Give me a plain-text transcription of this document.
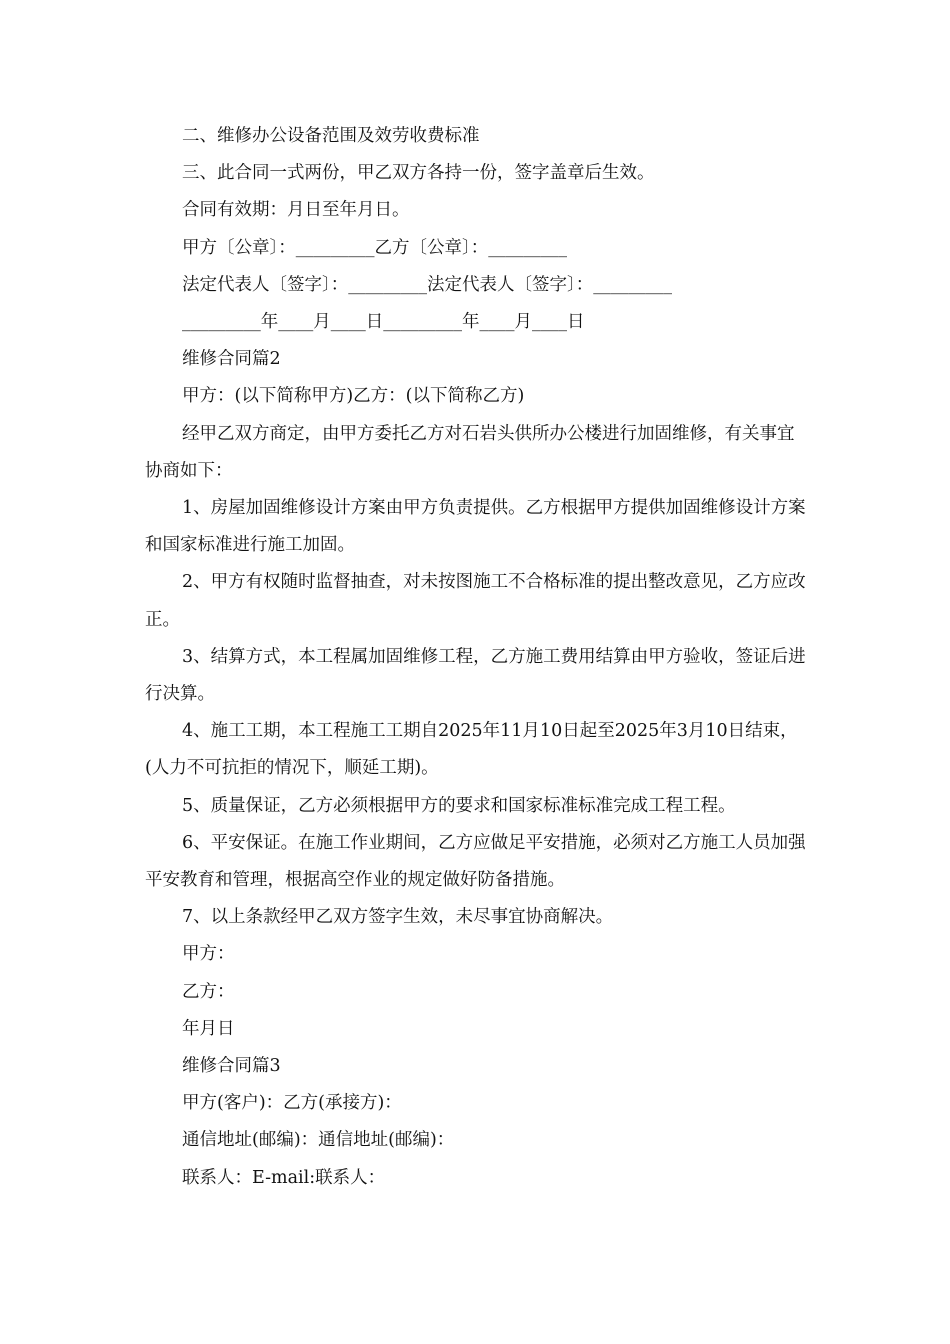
二、维修办公设备范围及效劳收费标准

三、此合同一式两份，甲乙双方各持一份，签字盖章后生效。

合同有效期：月日至年月日。

甲方〔公章〕：_________乙方〔公章〕：_________

法定代表人〔签字〕：_________法定代表人〔签字〕：_________

_________年____月____日_________年____月____日

维修合同篇2

甲方：(以下简称甲方)乙方：(以下简称乙方)

经甲乙双方商定，由甲方委托乙方对石岩头供所办公楼进行加固维修，有关事宜协商如下：

1、房屋加固维修设计方案由甲方负责提供。乙方根据甲方提供加固维修设计方案和国家标准进行施工加固。

2、甲方有权随时监督抽查，对未按图施工不合格标准的提出整改意见，乙方应改正。

3、结算方式，本工程属加固维修工程，乙方施工费用结算由甲方验收，签证后进行决算。

4、施工工期，本工程施工工期自2025年11月10日起至2025年3月10日结束，(人力不可抗拒的情况下，顺延工期)。

5、质量保证，乙方必须根据甲方的要求和国家标准标准完成工程工程。

6、平安保证。在施工作业期间，乙方应做足平安措施，必须对乙方施工人员加强平安教育和管理，根据高空作业的规定做好防备措施。

7、以上条款经甲乙双方签字生效，未尽事宜协商解决。

甲方：

乙方：

年月日

维修合同篇3

甲方(客户)：乙方(承接方)：

通信地址(邮编)：通信地址(邮编)：

联系人：E-mail:联系人：
